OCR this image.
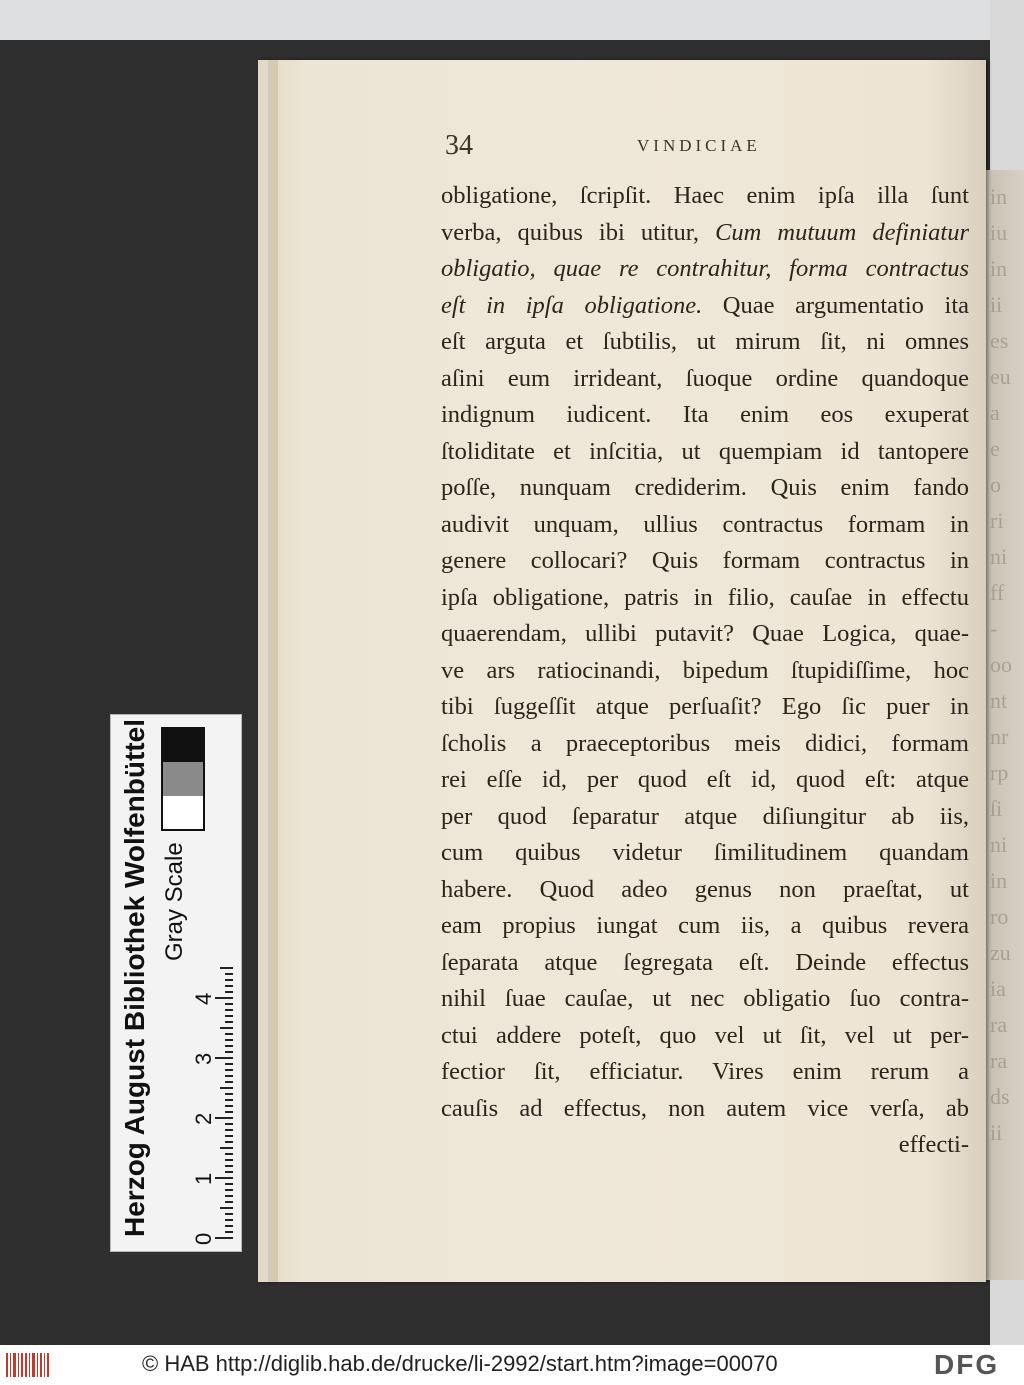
in
iu
in
ii
es
eu
a
e
o
ri
ni
ff
-
oo
nt
nr
rp
ſi
ni
in
ro
zu
ia
ra
ra
ds
ii
34	VINDICIAE
obligatione, ſcripſit. Haec enim ipſa illa ſunt
verba, quibus ibi utitur, Cum mutuum definiatur
obligatio, quae re contrahitur, forma contractus
eſt in ipſa obligatione. Quae argumentatio ita
eſt arguta et ſubtilis, ut mirum ſit, ni omnes
aſini eum irrideant, ſuoque ordine quandoque
indignum iudicent. Ita enim eos exuperat
ſtoliditate et inſcitia, ut quempiam id tantopere
poſſe, nunquam crediderim. Quis enim fando
audivit unquam, ullius contractus formam in
genere collocari? Quis formam contractus in
ipſa obligatione, patris in filio, cauſae in effectu
quaerendam, ullibi putavit? Quae Logica, quae-
ve ars ratiocinandi, bipedum ſtupidiſſime, hoc
tibi ſuggeſſit atque perſuaſit? Ego ſic puer in
ſcholis a praeceptoribus meis didici, formam
rei eſſe id, per quod eſt id, quod eſt: atque
per quod ſeparatur atque diſiungitur ab iis,
cum quibus videtur ſimilitudinem quandam
habere. Quod adeo genus non praeſtat, ut
eam propius iungat cum iis, a quibus revera
ſeparata atque ſegregata eſt. Deinde effectus
nihil ſuae cauſae, ut nec obligatio ſuo contra-
ctui addere poteſt, quo vel ut ſit, vel ut per-
fectior ſit, efficiatur. Vires enim rerum a
cauſis ad effectus, non autem vice verſa, ab
effecti-
Herzog August Bibliothek Wolfenbüttel Gray Scale
0
1
2
3
4
© HAB http://diglib.hab.de/drucke/li-2992/start.htm?image=00070	DFG
